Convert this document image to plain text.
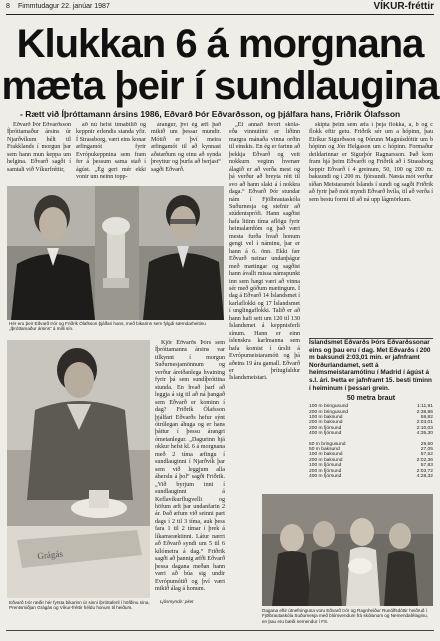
8 Fimmtudagur 22. janúar 1987	VÍKUR-fréttir
Klukkan 6 á morgnana
mæta þeir í sundlaugina
- Rætt við Íþróttamann ársins 1986, Eðvarð Þór Eðvarðsson, og þjálfara hans, Friðrik Ólafsson
Eðvarð Þór Eðvarðsson Íþróttamaður ársins úr Njarðvíkum hélt til Frakklands í morgun þar sem hann mun keppa um helgina. Eðvarð sagði í samtali við Víkurfréttir,
að nú hefst tímabilið og keppnir erlendis standa yfir. Í Strassborg, væri eins konar æfingamót fyrir Evrópukeppnina sem fram fer á þessum sama stað í ágúst. „Ég geri mér ekki vonir um neinn topp-
árangur, því ég æfi það mikið um þessar mundir. Mótið er því meira æfingamót til að kynnast aðstæðum og einu að synda þreyttur og þurfa að berjast“ sagði Eðvarð.
Hér eru þeir Eðvarð Þór og Friðrik Ólafsson þjálfari hans, með bikarinn sem fylgdi sæmdarheitinu „Íþróttamaður ársins“ á milli sín.
„Ef annað hvort skóla- eða vinnutími er liðinn margra mánaða vinna orðin til einskis. En ég er farinn að þekkja Eðvarð og veit nokkurn veginn hvenær álagið er að verða mest og þá verður að breyta rétt til svo að hann slaki á í nokkra daga.“ Eðvarð Þór stundar nám í Fjölbrautaskóla Suðurnesja og stefnir að stúdentsprófi. Hann sagðist hafa litinn tíma aflögu fyrir heimalærdóm og það væri mesta furða hvað honum gengi vel í náminu, þar er hann á 6. önn. Ekki fær Eðvarð neinar undanþágur með mætingar og sagðist hann ávallt missa námspunkt inn sem hægt væri að vinna sér með góðum mætingum. Í dag á Eðvarð 14 Íslandsmet í karlaflokki og 17 Íslandsmet í unglingaflokki. Talið er að hann hafi sett um 120 til 130 Íslandsmet á keppnisferli sínum. Hann er einn íslenskra karlmanna sem hafa komist í úrslit á Evrópumeistaramóti og þá aðeins 19 ára gamall. Eðvarð er þrítugfaldur Íslandsmeistari.
skipta þeim sem æfa í þeja flokka, a, b og c flokk eftir getu. Friðrik sér um a hópinn, þau Eiríkur Sigurðsson og Þórunn Magnúsdóttir um b hópinn og Jón Helgason um c hópinn. Formaður deildarinnar er Sigurþór Ragnarsson. Það kom fram hjá þeim Eðvarði og Friðrik að í Strassborg keppir Eðvarð í 4 greinum, 50, 100 og 200 m. baksundi og í 200 m. fjórsundi. Næsta mót verður síðan Meistaramót Íslands í sundi og sagði Friðrik að fyrir það mót myndi Eðvarð hvíla, til að verða í sem bestu formi til að ná upp lágmörkum.
Íslandsmet Eðvarðs Þórs Eðvarðssonar eins og þau eru í dag. Met Eðvarðs í 200 m baksundi 2:03,01 mín. er jafnframt Norðurlandamet, sett á heimsmeistaramótinu í Madrid í ágúst á s.l. ári. Þetta er jafnframt 15. besti tíminn í heiminum í þessari grein.
50 metra braut
100 m bringusund	1:11,91
200 m bringusund	2:38,86
100 m baksund	58,82
200 m baksund	2:03,01
200 m fjórsund	2:10,03
400 m fjórsund	4:35,30
50 m bringusund	29,60
50 m baksund	27,05
100 m baksund	57,52
200 m baksund	2:02,36
100 m fjórsund	57,83
200 m fjórsund	2:03,72
400 m fjórsund	4:28,32
Grágás
Eðvarð Þór ræðir hér fyrsta bikarinn úr sinni íþróttaferil í höfðinu sína, Prentsmiðjan Grágás og Víkur-fréttir héldu honum til heiðurs.
Ljósmyndir: pket
Kjör Eðvarðs Þórs sem Íþróttamanns ársins var tilkynnt í morgun Suðurnesjamönnum og verður áreiðanlega hvatning fyrir þá sem sundíþróttina stunda. En hvað þarf að leggja á sig til að ná þangað sem Eðvarð er kominn í dag? Friðrik Ólafsson þjálfari Eðvarðs hefur sýnt ótrúlegan áhuga og er hans þáttur í þessu árangri ómetanlegur. „Dagurinn hjá okkur hefst kl. 6 á morgnana með 2 tíma æfingu í sundlauginni í Njarðvík þar sem við leggjum alla áherslu á þol“ sagði Friðrik. „Við byrjum inni í sundlauginni á Keflavíkurflugvelli og höfum æft þar undanfarin 2 ár. Það æfum við seinni part dags í 2 til 3 tíma, auk þess fara 1 til 2 tímar í þrek á líkamsræktinni. Látur nærri að Eðvarð syndi um 5 til 6 kílómetra á dag.“ Friðrik sagði að þannig æfði Eðvarð þessa dagana meðan hann væri að búa sig undir Evrópumótið og því væri mikið álag á honum.
Dagana eftir útnefninguna voru Eðvarð Þór og Ragnheiður Runólfsdóttir heiðruð í Fjölbrautaskóla Suðurnesja með blómvendum frá skólanum og Nemendafélaginu, en þau eru bæði nemendur í FS.
